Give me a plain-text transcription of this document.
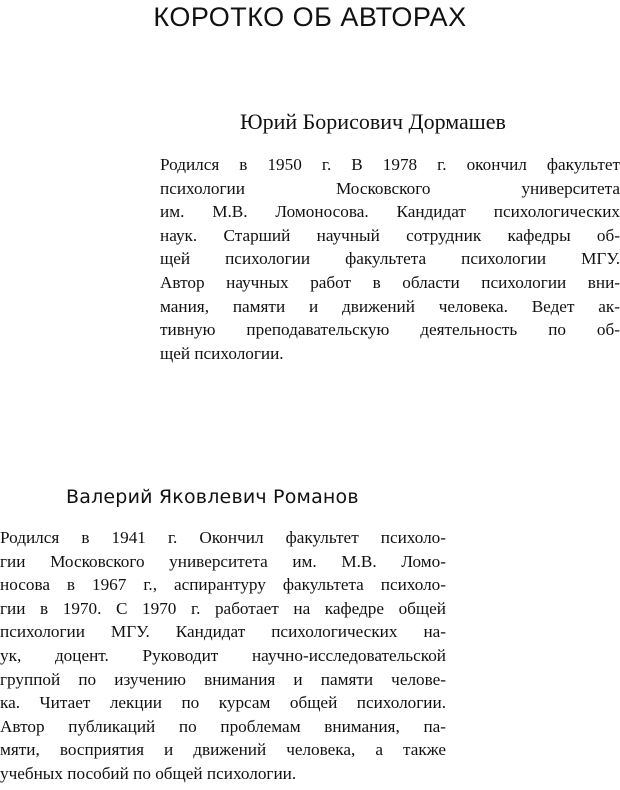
КОРОТКО ОБ АВТОРАХ
Юрий Борисович Дормашев

Родился в 1950 г. В 1978 г. окончил факультет
психологии Московского университета
им. М.В. Ломоносова. Кандидат психологических
наук. Старший научный сотрудник кафедры об-
щей психологии факультета психологии МГУ.
Автор научных работ в области психологии вни-
мания, памяти и движений человека. Ведет ак-
тивную преподавательскую деятельность по об-
щей психологии.

Валерий Яковлевич Романов

Родился в 1941 г. Окончил факультет психоло-
гии Московского университета им. М.В. Ломо-
носова в 1967 г., аспирантуру факультета психоло-
гии в 1970. С 1970 г. работает на кафедре общей
психологии МГУ. Кандидат психологических на-
ук, доцент. Руководит научно-исследовательской
группой по изучению внимания и памяти челове-
ка. Читает лекции по курсам общей психологии.
Автор публикаций по проблемам внимания, па-
мяти, восприятия и движений человека, а также
учебных пособий по общей психологии.
